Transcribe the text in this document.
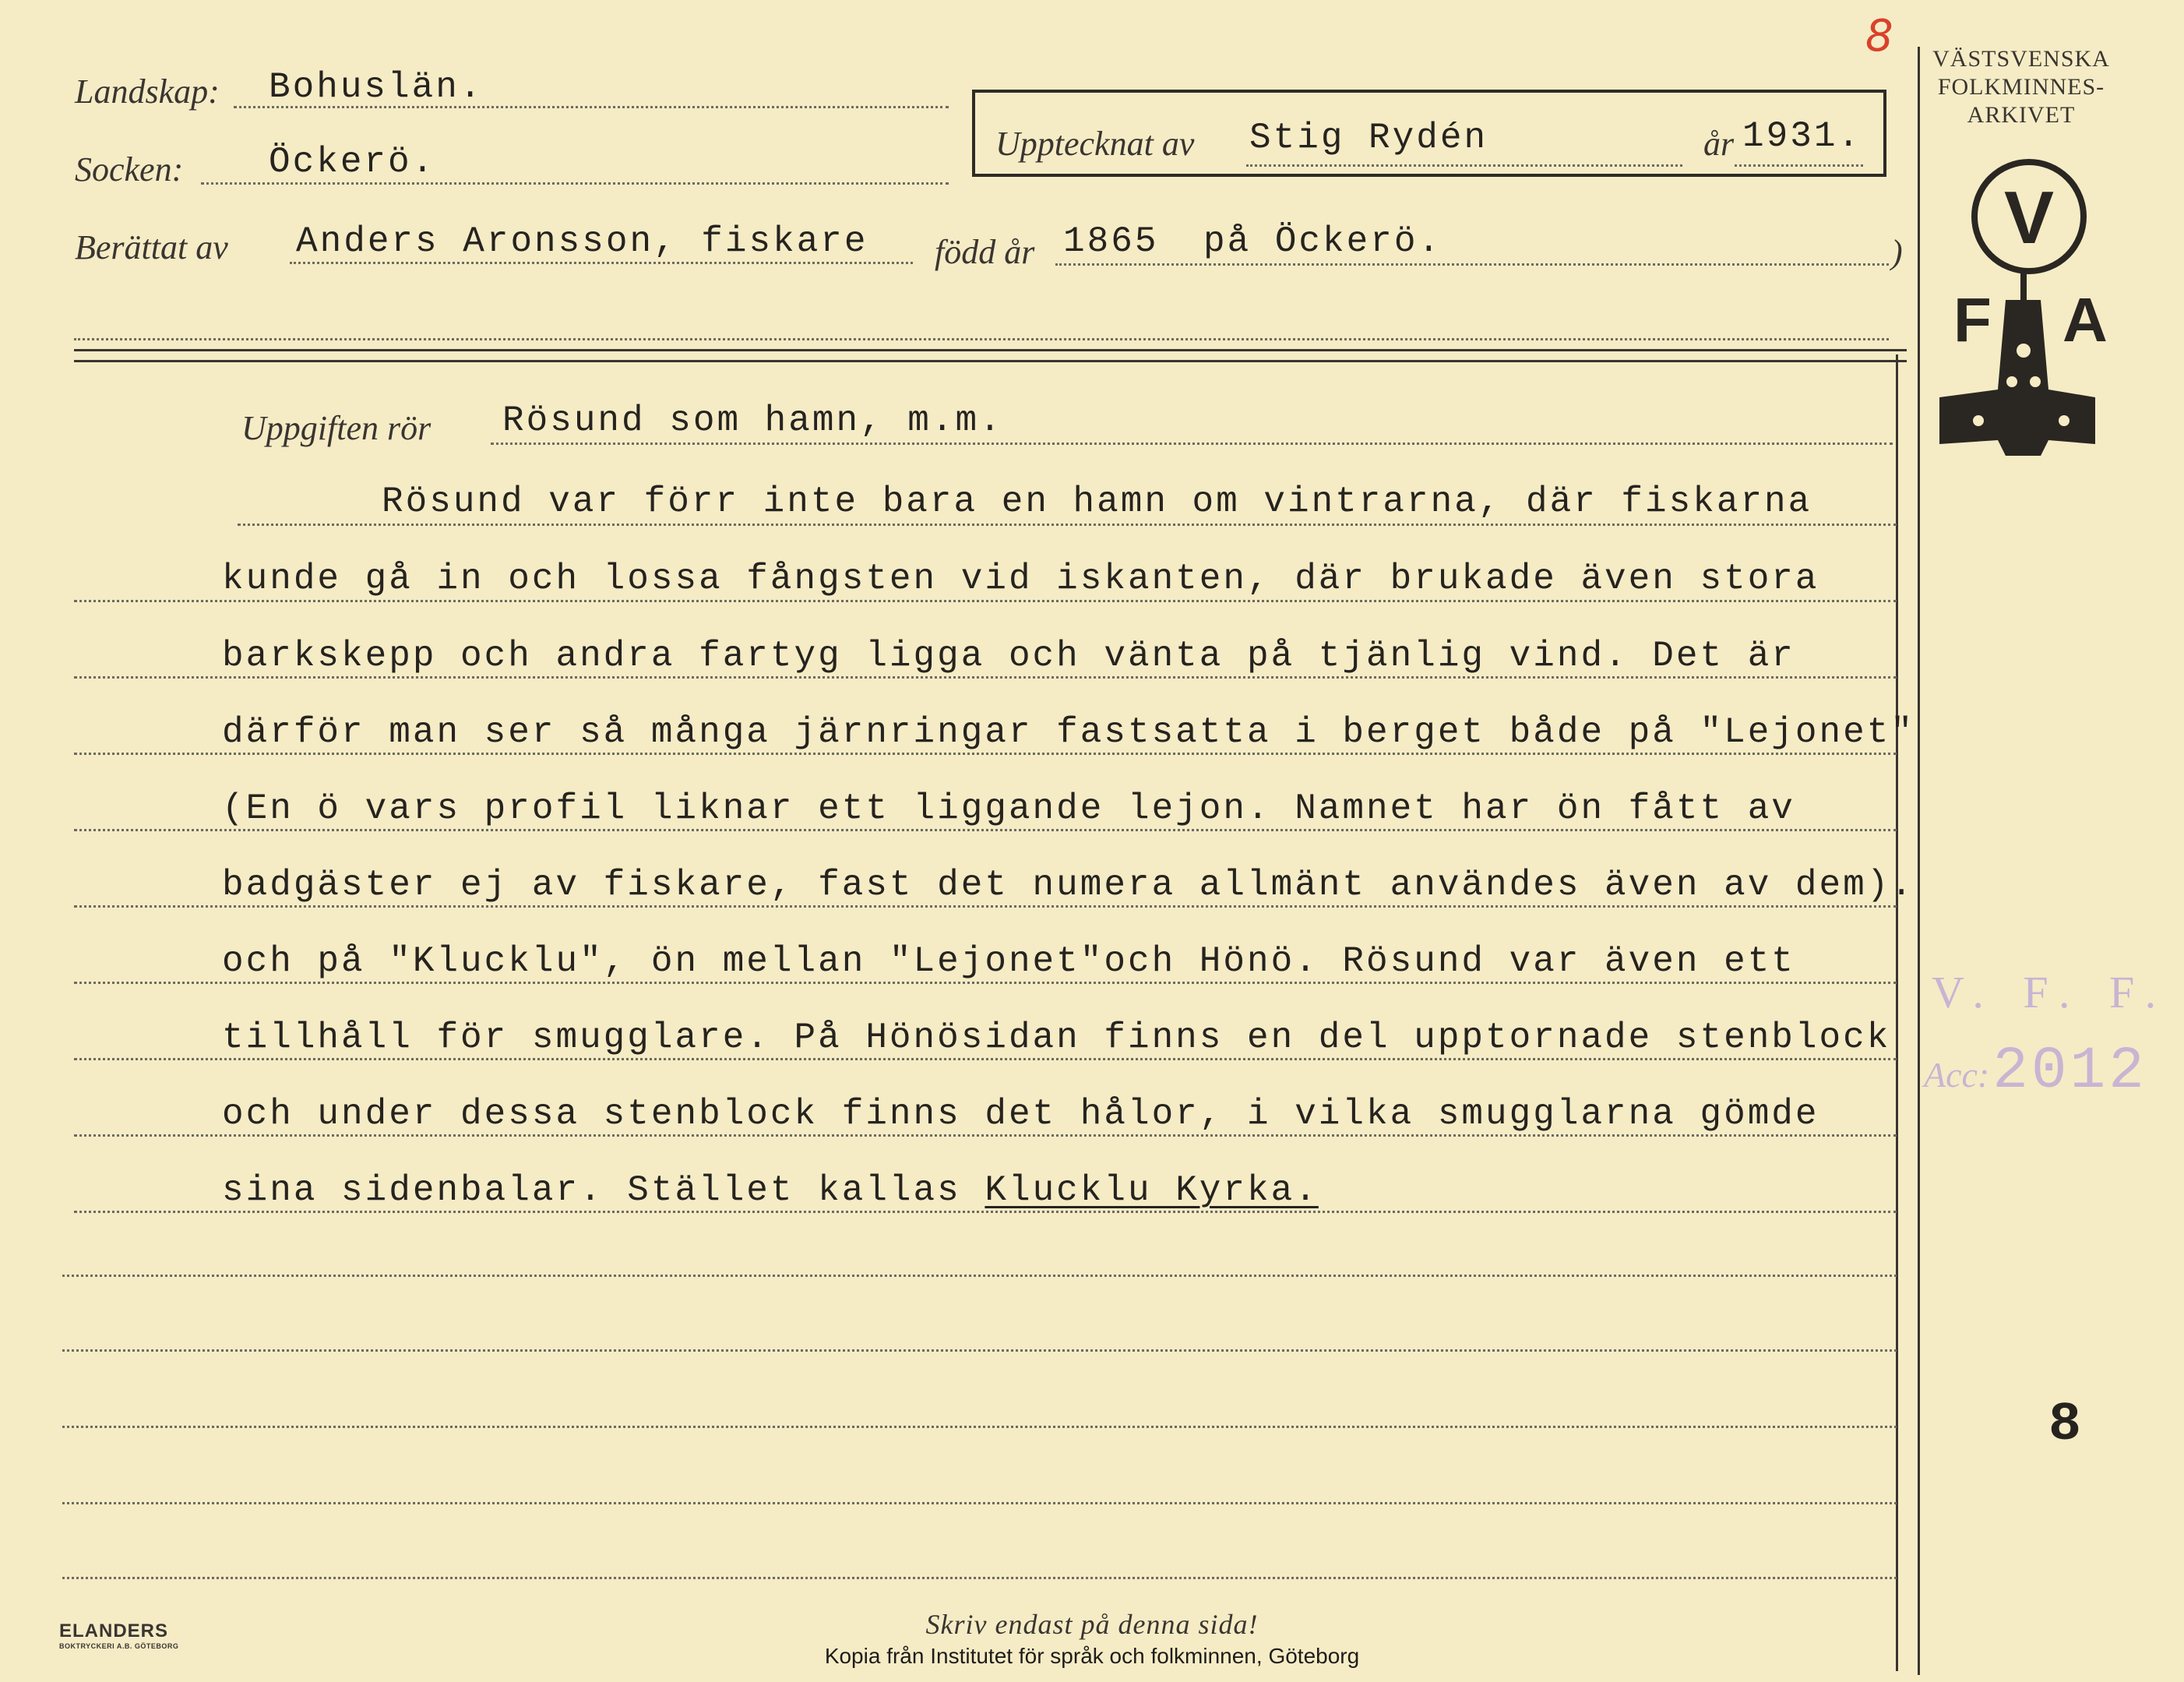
8
Landskap: Bohuslän.
Socken: Öckerö.	Upptecknat av Stig Rydén	år 1931.
Berättat av Anders Aronsson, fiskare född år 1865 på Öckerö.	)
Uppgiften rör Rösund som hamn, m.m.
Rösund var förr inte bara en hamn om vintrarna, där fiskarna
kunde gå in och lossa fångsten vid iskanten, där brukade även stora
barkskepp och andra fartyg ligga och vänta på tjänlig vind. Det är
därför man ser så många järnringar fastsatta i berget både på "Lejonet"
(En ö vars profil liknar ett liggande lejon. Namnet har ön fått av
badgäster ej av fiskare, fast det numera allmänt användes även av dem).
och på "Klucklu", ön mellan "Lejonet"och Hönö. Rösund var även ett
tillhåll för smugglare. På Hönösidan finns en del upptornade stenblock
och under dessa stenblock finns det hålor, i vilka smugglarna gömde
sina sidenbalar. Stället kallas Klucklu Kyrka.
VÄSTSVENSKA
FOLKMINNES-
ARKIVET
V
F A
V. F. F.
Acc: 2012
8
ELANDERS
BOKTRYCKERI A.B. GÖTEBORG
Skriv endast på denna sida!
Kopia från Institutet för språk och folkminnen, Göteborg
